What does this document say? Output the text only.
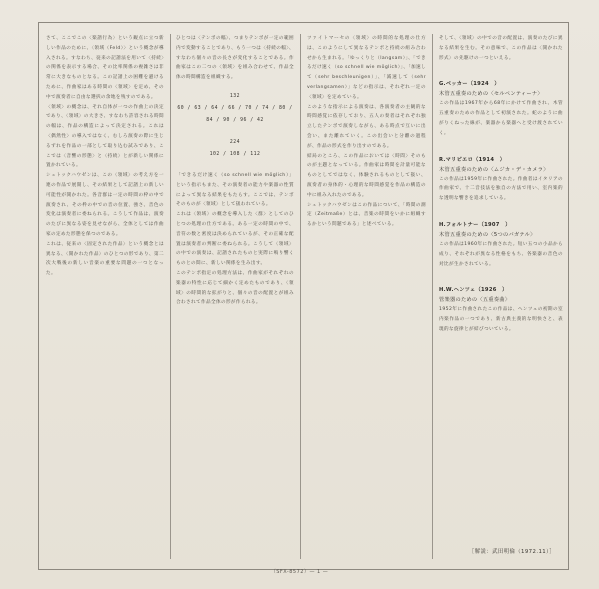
さて、ここでこの〈楽譜行為〉という観点に立つ新しい作品のために、〈領域（Feld）〉という概念が導入される。すなわち、従来の記譜法を用いて〈持続〉の関係を表示する場合、その比率関係の複雑さは非常に大きなものとなる。この記譜上の困難を避けるために、作曲家はある時間の〈領域〉を定め、その中で演奏者に自由な選択の余地を残すのである。

〈領域〉の概念は、それ自体が一つの作曲上の決定であり、〈領域〉の大きさ、すなわち許容される時間の幅は、作品の構造によって決定される。これは〈偶然性〉の導入ではなく、むしろ演奏の際に生じるずれを作品の一部として取り込む試みであり、ここでは〈音響の形態〉と〈持続〉とが新しい関係に置かれている。

シュトックハウゼンは、この〈領域〉の考え方を一連の作品で展開し、その結果として記譜上の新しい可能性が開かれた。各音群は一定の時間の枠の中で演奏され、その枠の中での音の位置、強さ、音色の変化は演奏者に委ねられる。こうして作品は、演奏のたびに異なる姿を見せながら、全体としては作曲家の定めた形態を保つのである。

これは、従来の〈固定された作品〉という概念とは異なる、〈開かれた作品〉のひとつの形であり、第二次大戦後の新しい音楽の重要な問題の一つとなった。

ひとつは〈テンポの幅〉、つまりテンポが一定の範囲内で変動することであり、もう一つは〈持続の幅〉、すなわち個々の音の長さが変化することである。作曲家はこの二つの〈領域〉を組み合わせて、作品全体の時間構造を組織する。

132
60 / 63 / 64 / 66 / 70 / 74 / 80 / 84 / 90 / 96 / 42
224
102 / 108 / 112

「できるだけ速く（so schnell wie möglich）」という指示もまた、その演奏者の能力や楽器の性質によって異なる結果をもたらす。ここでは、テンポそのものが〈領域〉として扱われている。

これは〈領域〉の概念を導入した〈群〉としてのひとつの処理の仕方である。ある一定の時間の中で、音符の数と密度は決められているが、その正確な配置は演奏者の判断に委ねられる。こうして〈領域〉の中での演奏は、記譜されたものと実際に鳴り響くものとの間に、新しい関係を生み出す。

このテンポ指定の処理方法は、作曲家がそれぞれの楽器の特性に応じて細かく定めたものであり、〈領域〉の時間的な拡がりと、個々の音の配置とが組み合わされて作品全体の形が作られる。

ツァイトマーセの〈領域〉の時間的な処理の仕方は、このようにして異なるテンポと持続の組み合わせから生まれる。「ゆっくりと（langsam）」、「できるだけ速く（so schnell wie möglich）」、「加速して（sehr beschleunigen）」、「減速して（sehr verlangsamen）」などの指示は、それぞれ一定の〈領域〉を定めている。

このような指示による演奏は、各演奏者の主観的な時間感覚に依存しており、五人の奏者はそれぞれ独立したテンポで演奏しながら、ある時点で互いに出会い、また離れていく。この出会いと分離の過程が、作品の形式を作り出すのである。

結局のところ、この作品においては〈時間〉そのものが主題となっている。作曲家は時間を計量可能なものとしてではなく、体験されるものとして扱い、演奏者の身体的・心理的な時間感覚を作品の構造の中に組み入れたのである。

シュトックハウゼンはこの作品について、「時間の測定（Zeitmaße）とは、音楽の時間をいかに組織するかという問題である」と述べている。

そして、〈領域〉の中での音の配置は、演奏のたびに異なる結果を生む。その意味で、この作品は〈開かれた形式〉の先駆けの一つといえる。

G.ベッカー（1924　）
木管五重奏のための〈セルペンティーナ〉

この作品は1967年から68年にかけて作曲され、木管五重奏のための作品として初演された。蛇のように曲がりくねった線が、楽器から楽器へと受け渡されていく。

R.マリピエロ（1914　）
木管五重奏のための〈ムジカ・デ・カメラ〉

この作品は1959年に作曲された。作曲者はイタリアの作曲家で、十二音技法を独自の方法で用い、室内楽的な透明な響きを追求している。

H.フォルトナー（1907　）
木管五重奏のための〈5つのバガテル〉

この作品は1960年に作曲された。短い五つの小品から成り、それぞれが異なる性格をもち、各楽器の音色の対比が生かされている。

H.W.ヘンツェ（1926　）
管楽器のための〈五重奏曲〉

1952年に作曲されたこの作品は、ヘンツェの初期の室内楽作品の一つであり、新古典主義的な明快さと、表現的な旋律とが結びついている。

［解説：武田明倫（1972.11）］
（SFX-8572）— 1 —
